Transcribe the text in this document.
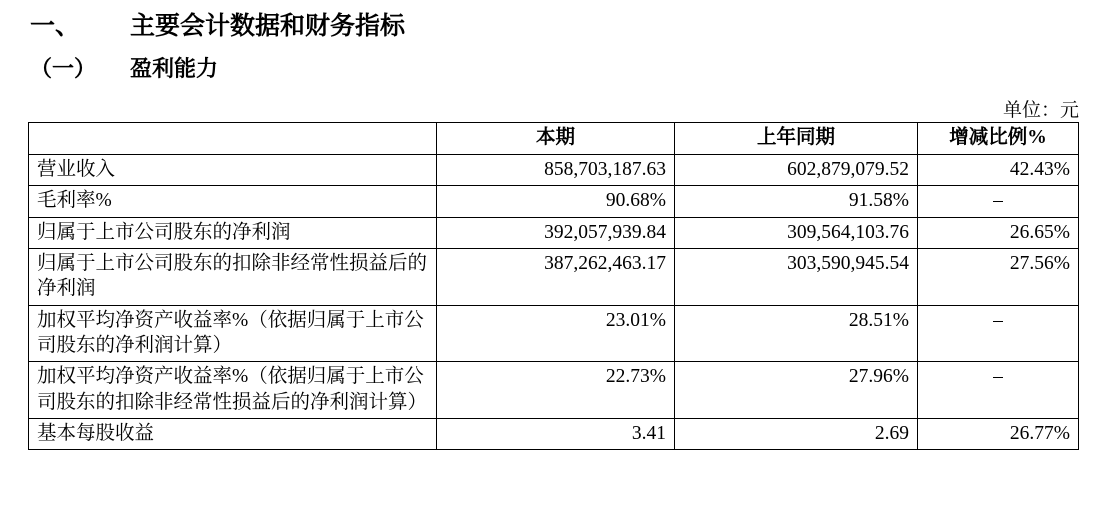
一、 主要会计数据和财务指标
（一） 盈利能力
单位：元
	本期	上年同期	增减比例%
营业收入	858,703,187.63	602,879,079.52	42.43%
毛利率%	90.68%	91.58%	–
归属于上市公司股东的净利润	392,057,939.84	309,564,103.76	26.65%
归属于上市公司股东的扣除非经常性损益后的净利润	387,262,463.17	303,590,945.54	27.56%
加权平均净资产收益率%（依据归属于上市公司股东的净利润计算）	23.01%	28.51%	–
加权平均净资产收益率%（依据归属于上市公司股东的扣除非经常性损益后的净利润计算）	22.73%	27.96%	–
基本每股收益	3.41	2.69	26.77%
